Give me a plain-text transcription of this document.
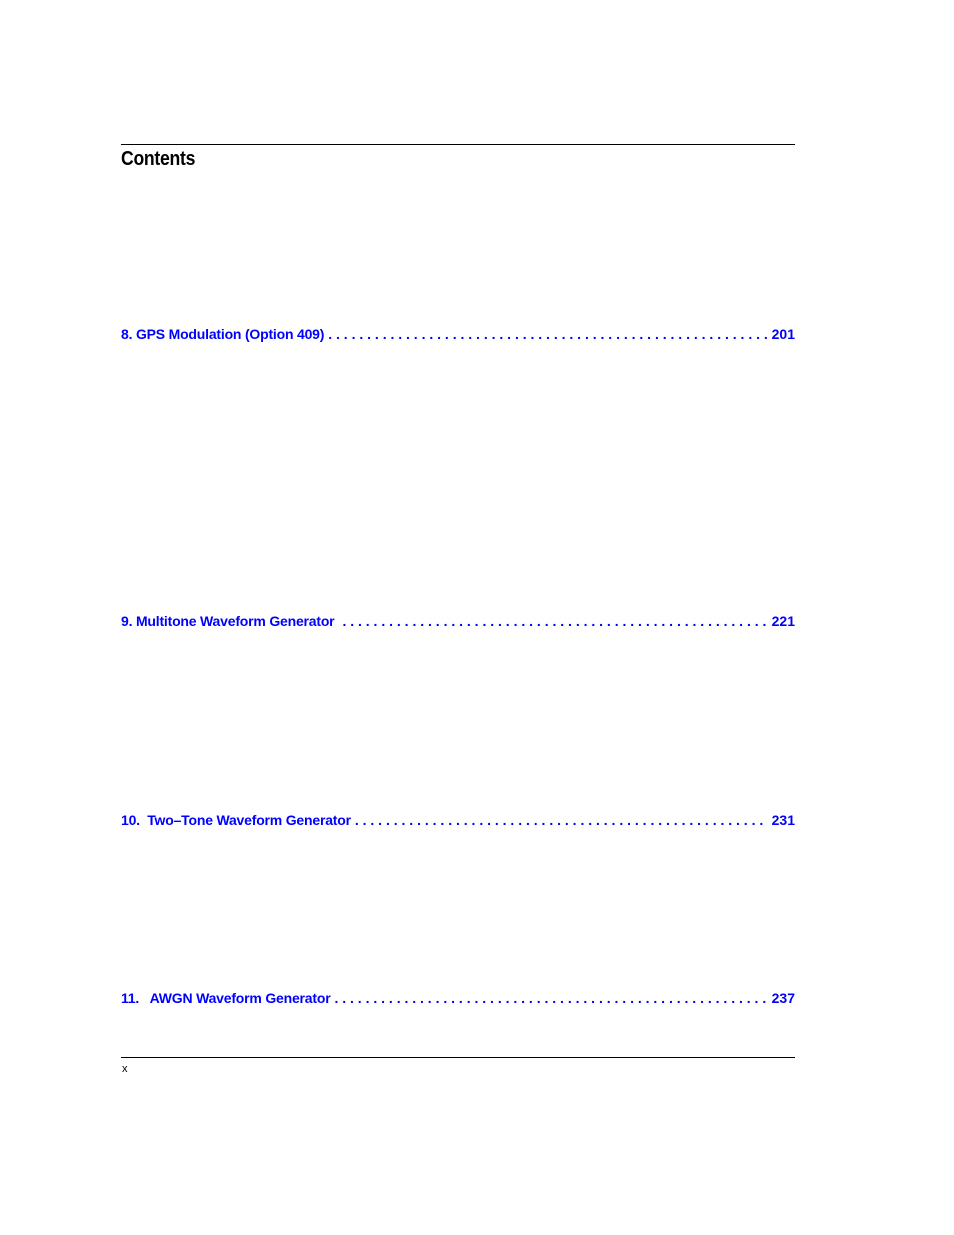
Contents
8. GPS Modulation (Option 409) . . .	201
9. Multitone Waveform Generator . . .	221
10.  Two–Tone Waveform Generator . . .	231
11.   AWGN Waveform Generator . . .	237
x
